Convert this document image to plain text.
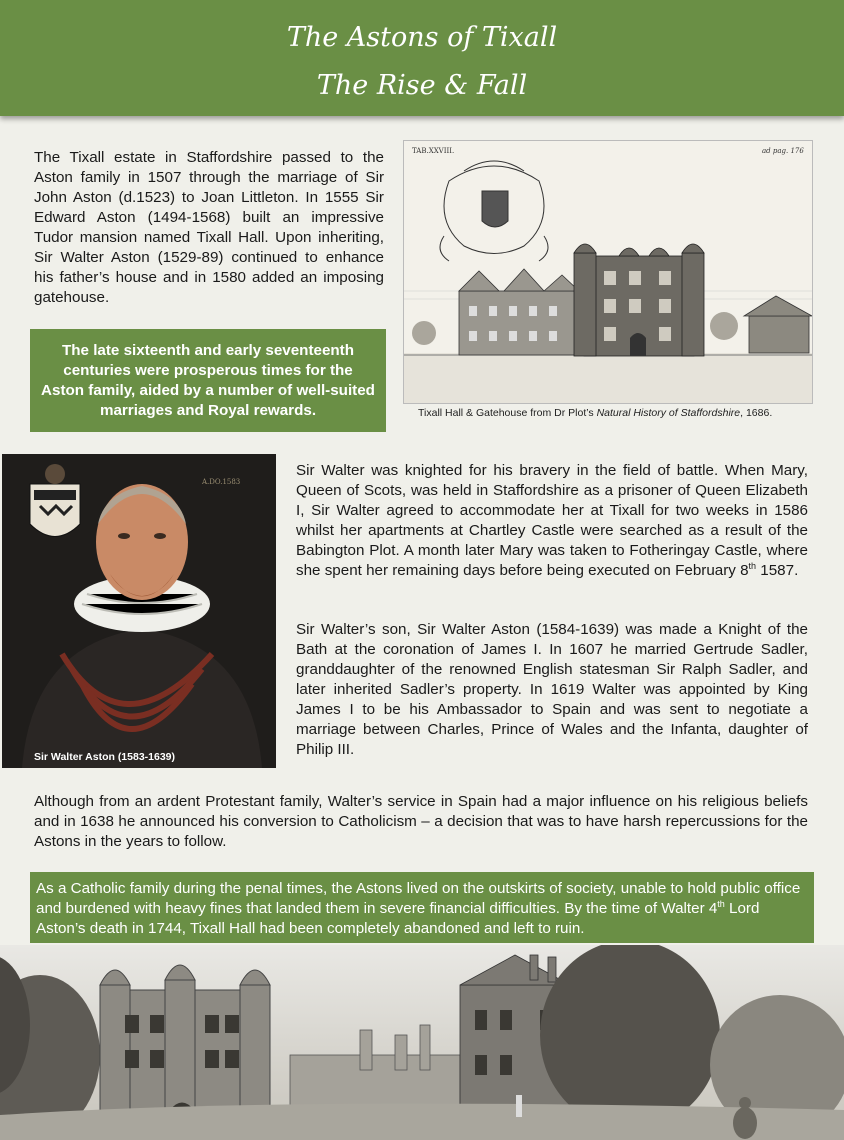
The Astons of Tixall
The Rise & Fall

The Tixall estate in Staffordshire passed to the Aston family in 1507 through the marriage of Sir John Aston (d.1523) to Joan Littleton. In 1555 Sir Edward Aston (1494-1568) built an impressive Tudor mansion named Tixall Hall. Upon inheriting, Sir Walter Aston (1529-89) continued to enhance his father’s house and in 1580 added an imposing gatehouse.

The late sixteenth and early seventeenth centuries were prosperous times for the Aston family, aided by a number of well-suited marriages and Royal rewards.
TAB.XXVIII.	ad pag. 176
Tixall Hall & Gatehouse from Dr Plot’s Natural History of Staffordshire, 1686.
A.DO.1583
Sir Walter Aston (1583-1639)

Sir Walter was knighted for his bravery in the field of battle. When Mary, Queen of Scots, was held in Staffordshire as a prisoner of Queen Elizabeth I, Sir Walter agreed to accommodate her at Tixall for two weeks in 1586 whilst her apartments at Chartley Castle were searched as a result of the Babington Plot. A month later Mary was taken to Fotheringay Castle, where she spent her remaining days before being executed on February 8th 1587.

Sir Walter’s son, Sir Walter Aston (1584-1639) was made a Knight of the Bath at the coronation of James I. In 1607 he married Gertrude Sadler, granddaughter of the renowned English statesman Sir Ralph Sadler, and later inherited Sadler’s property. In 1619 Walter was appointed by King James I to be his Ambassador to Spain and was sent to negotiate a marriage between Charles, Prince of Wales and the Infanta, daughter of Philip III.

Although from an ardent Protestant family, Walter’s service in Spain had a major influence on his religious beliefs and in 1638 he announced his conversion to Catholicism – a decision that was to have harsh repercussions for the Astons in the years to follow.

As a Catholic family during the penal times, the Astons lived on the outskirts of society, unable to hold public office and burdened with heavy fines that landed them in severe financial difficulties. By the time of Walter 4th Lord Aston’s death in 1744, Tixall Hall had been completely abandoned and left to ruin.
